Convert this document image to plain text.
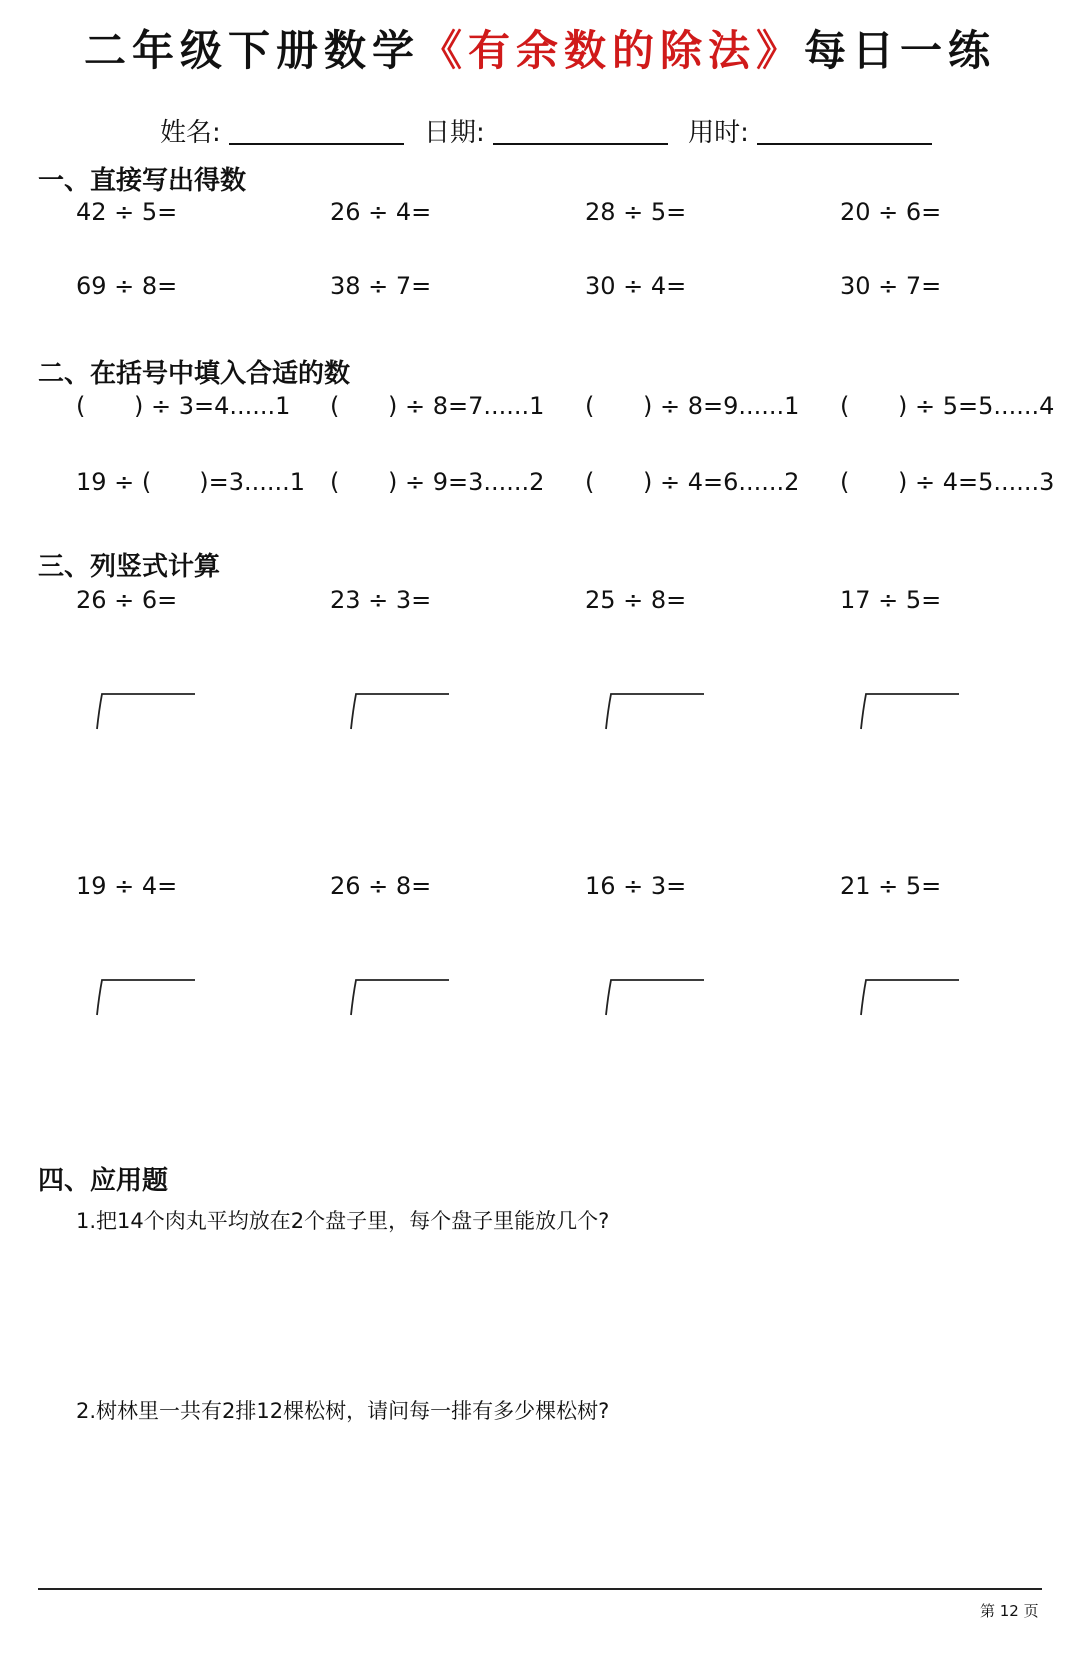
二年级下册数学《有余数的除法》每日一练
姓名:	日期:	用时:
一、直接写出得数
42 ÷ 5=	26 ÷ 4=	28 ÷ 5=	20 ÷ 6=
69 ÷ 8=	38 ÷ 7=	30 ÷ 4=	30 ÷ 7=
二、在括号中填入合适的数
( ) ÷ 3=4......1 ( ) ÷ 8=7......1 ( ) ÷ 8=9......1 ( ) ÷ 5=5......4
19 ÷ ( )=3......1 ( ) ÷ 9=3......2 ( ) ÷ 4=6......2 ( ) ÷ 4=5......3
三、列竖式计算
26 ÷ 6=	23 ÷ 3=	25 ÷ 8=	17 ÷ 5=
19 ÷ 4=	26 ÷ 8=	16 ÷ 3=	21 ÷ 5=
四、应用题
1.把14个肉丸平均放在2个盘子里，每个盘子里能放几个?
2.树林里一共有2排12棵松树，请问每一排有多少棵松树?
第 12 页
